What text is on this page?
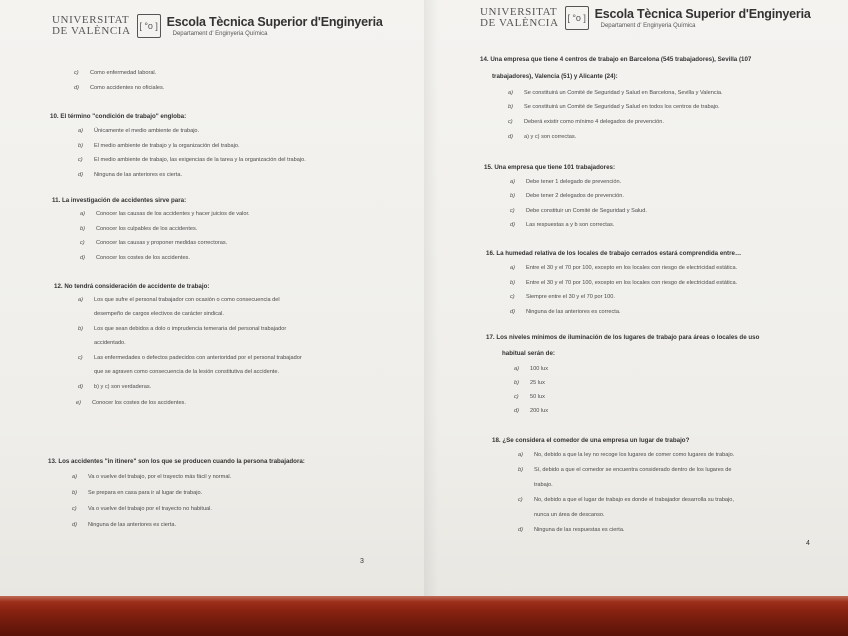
UNIVERSITAT
DE VALÈNCIA [ °o ] Escola Tècnica Superior d'Enginyeria
Departament d' Enginyeria Química
c) Como enfermedad laboral.
d) Como accidentes no oficiales.
10. El término "condición de trabajo" engloba:
a) Únicamente el medio ambiente de trabajo.
b) El medio ambiente de trabajo y la organización del trabajo.
c) El medio ambiente de trabajo, las exigencias de la tarea y la organización del trabajo.
d) Ninguna de las anteriores es cierta.
11. La investigación de accidentes sirve para:
a) Conocer las causas de los accidentes y hacer juicios de valor.
b) Conocer los culpables de los accidentes.
c) Conocer las causas y proponer medidas correctoras.
d) Conocer los costes de los accidentes.
12. No tendrá consideración de accidente de trabajo:
a) Los que sufre el personal trabajador con ocasión o como consecuencia del
desempeño de cargos electivos de carácter sindical.
b) Los que sean debidos a dolo o imprudencia temeraria del personal trabajador
accidentado.
c) Las enfermedades o defectos padecidos con anterioridad por el personal trabajador
que se agraven como consecuencia de la lesión constitutiva del accidente.
d) b) y c) son verdaderas.
e) Conocer los costes de los accidentes.
13. Los accidentes "in itinere" son los que se producen cuando la persona trabajadora:
a) Va o vuelve del trabajo, por el trayecto más fácil y normal.
b) Se prepara en casa para ir al lugar de trabajo.
c) Va o vuelve del trabajo por el trayecto no habitual.
d) Ninguna de las anteriores es cierta.
3
UNIVERSITAT
DE VALÈNCIA [ °o ] Escola Tècnica Superior d'Enginyeria
Departament d' Enginyeria Química
14. Una empresa que tiene 4 centros de trabajo en Barcelona (545 trabajadores), Sevilla (107
trabajadores), Valencia (51) y Alicante (24):
a) Se constituirá un Comité de Seguridad y Salud en Barcelona, Sevilla y Valencia.
b) Se constituirá un Comité de Seguridad y Salud en todos los centros de trabajo.
c) Deberá existir como mínimo 4 delegados de prevención.
d) a) y c) son correctas.
15. Una empresa que tiene 101 trabajadores:
a) Debe tener 1 delegado de prevención.
b) Debe tener 2 delegados de prevención.
c) Debe constituir un Comité de Seguridad y Salud.
d) Las respuestas a y b son correctas.
16. La humedad relativa de los locales de trabajo cerrados estará comprendida entre…
a) Entre el 30 y el 70 por 100, excepto en los locales con riesgo de electricidad estática.
b) Entre el 30 y el 70 por 100, excepto en los locales con riesgo de electricidad estática.
c) Siempre entre el 30 y el 70 por 100.
d) Ninguna de las anteriores es correcta.
17. Los niveles mínimos de iluminación de los lugares de trabajo para áreas o locales de uso
habitual serán de:
a) 100 lux
b) 25 lux
c) 50 lux
d) 200 lux
18. ¿Se considera el comedor de una empresa un lugar de trabajo?
a) No, debido a que la ley no recoge los lugares de comer como lugares de trabajo.
b) Sí, debido a que el comedor se encuentra considerado dentro de los lugares de
trabajo.
c) No, debido a que el lugar de trabajo es donde el trabajador desarrolla su trabajo,
nunca un área de descanso.
d) Ninguna de las respuestas es cierta.
4
